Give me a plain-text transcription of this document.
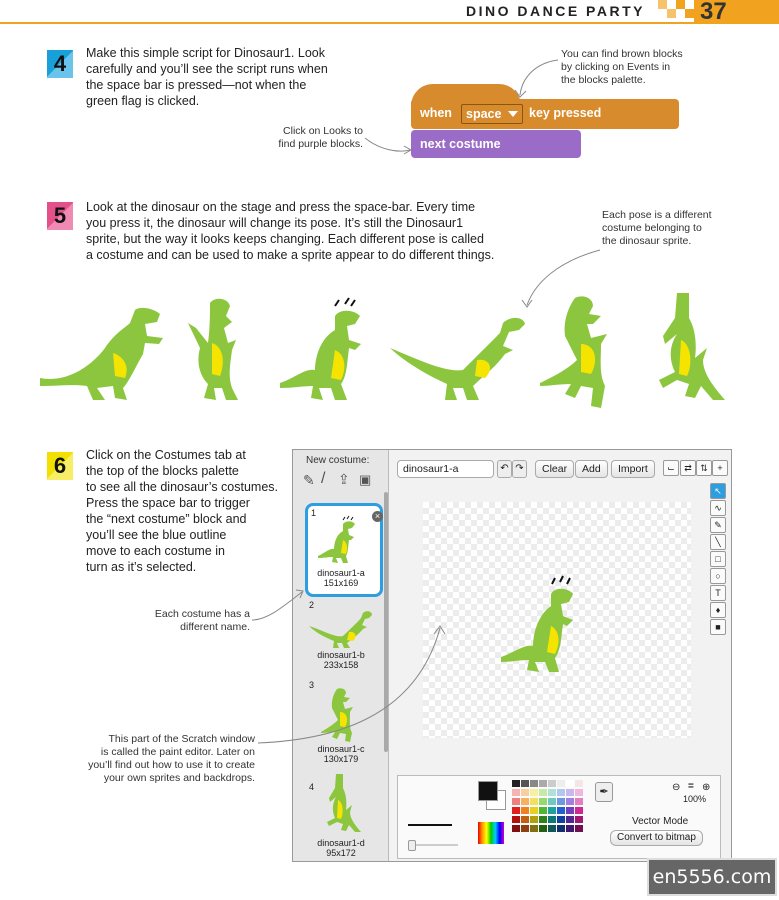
DINO DANCE PARTY 37
4	Make this simple script for Dinosaur1. Look
carefully and you’ll see the script runs when
the space bar is pressed—not when the
green flag is clicked.
You can find brown blocks
by clicking on Events in
the blocks palette.
Click on Looks to
find purple blocks.
when space key pressed
next costume
5	Look at the dinosaur on the stage and press the space-bar. Every time
you press it, the dinosaur will change its pose. It’s still the Dinosaur1
sprite, but the way it looks keeps changing. Each different pose is called
a costume and can be used to make a sprite appear to do different things.
Each pose is a different
costume belonging to
the dinosaur sprite.
6	Click on the Costumes tab at
the top of the blocks palette
to see all the dinosaur’s costumes.
Press the space bar to trigger
the “next costume” block and
you’ll see the blue outline
move to each costume in
turn as it’s selected.
Each costume has a
different name.
This part of the Scratch window
is called the paint editor. Later on
you’ll find out how to use it to create
your own sprites and backdrops.
New costume:
✎ / ⇪ ▣
1
dinosaur1-a
151x169
×
2
dinosaur1-b
233x158
3
dinosaur1-c
130x179
4
dinosaur1-d
95x172
dinosaur1-a	↶ ↷	Clear	Add	Import	⌙	⇄ ⇅	+
↖
∿
✎
╲
□
○
T
♦
■
✒	⊖ = ⊕
100%
Vector Mode
Convert to bitmap
en5556.com
